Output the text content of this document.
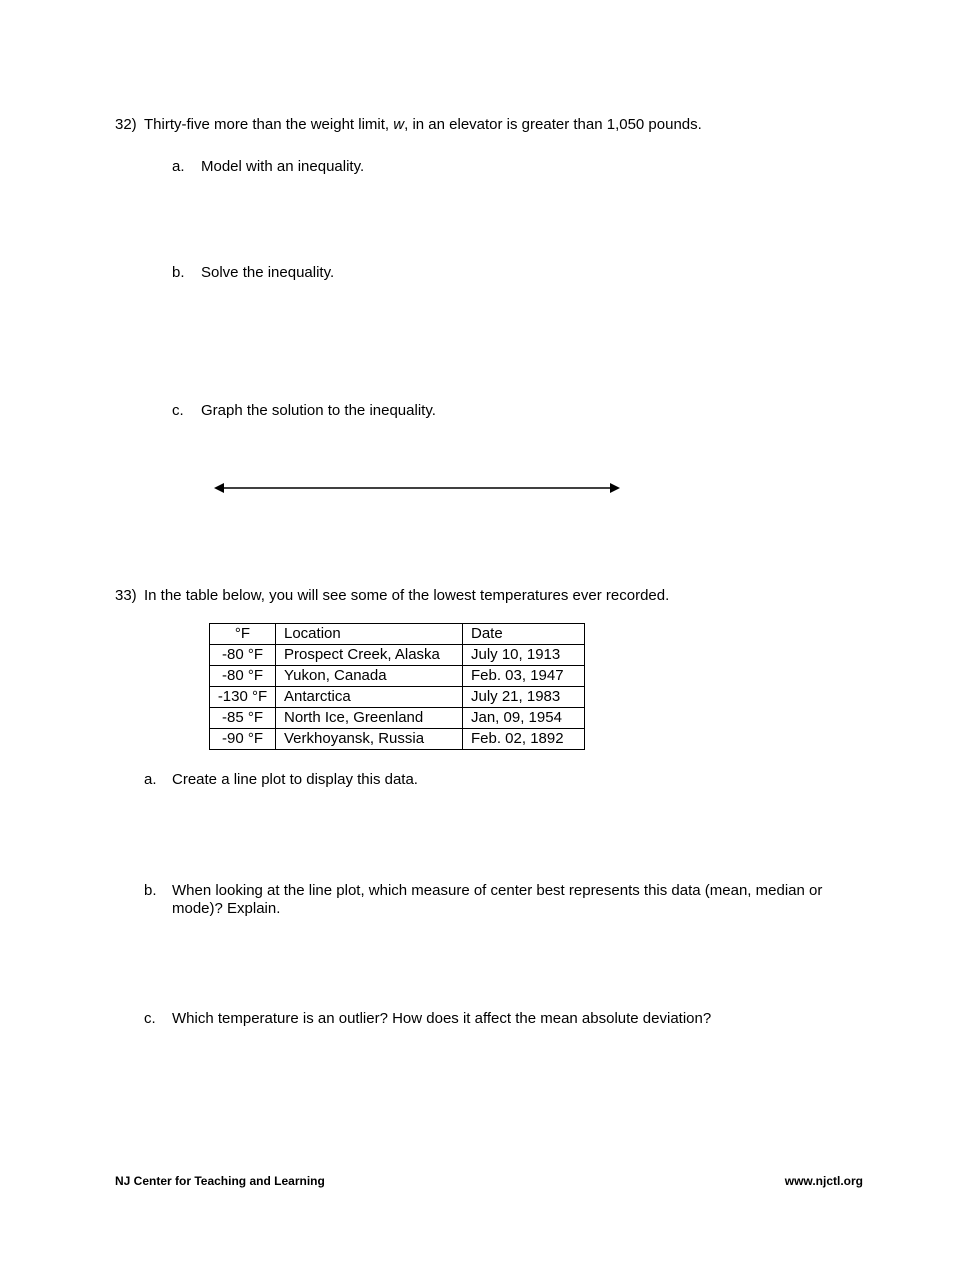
32) Thirty-five more than the weight limit, w, in an elevator is greater than 1,050 pounds.
a. Model with an inequality.
b. Solve the inequality.
c. Graph the solution to the inequality.
33) In the table below, you will see some of the lowest temperatures ever recorded.
°F	Location	Date
-80 °F	Prospect Creek, Alaska	July 10, 1913
-80 °F	Yukon, Canada	Feb. 03, 1947
-130 °F	Antarctica	July 21, 1983
-85 °F	North Ice, Greenland	Jan, 09, 1954
-90 °F	Verkhoyansk, Russia	Feb. 02, 1892
a. Create a line plot to display this data.
b. When looking at the line plot, which measure of center best represents this data (mean, median or mode)? Explain.
c. Which temperature is an outlier? How does it affect the mean absolute deviation?
NJ Center for Teaching and Learning	www.njctl.org
